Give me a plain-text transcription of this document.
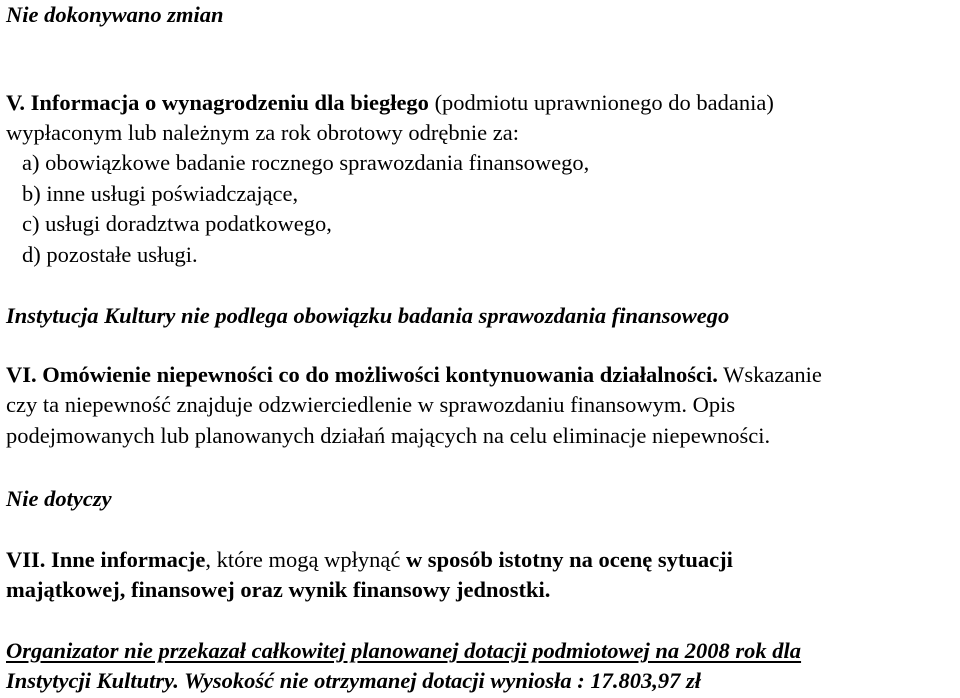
Nie dokonywano zmian
V. Informacja o wynagrodzeniu dla biegłego (podmiotu uprawnionego do badania)
wypłaconym lub należnym za rok obrotowy odrębnie za:
a) obowiązkowe badanie rocznego sprawozdania finansowego,
b) inne usługi poświadczające,
c) usługi doradztwa podatkowego,
d) pozostałe usługi.
Instytucja Kultury nie podlega obowiązku badania sprawozdania finansowego
VI. Omówienie niepewności co do możliwości kontynuowania działalności. Wskazanie
czy ta niepewność znajduje odzwierciedlenie w sprawozdaniu finansowym. Opis
podejmowanych lub planowanych działań mających na celu eliminacje niepewności.
Nie dotyczy
VII. Inne informacje, które mogą wpłynąć w sposób istotny na ocenę sytuacji
majątkowej, finansowej oraz wynik finansowy jednostki.
Organizator nie przekazał całkowitej planowanej dotacji podmiotowej na 2008 rok dla
Instytycji Kultutry. Wysokość nie otrzymanej dotacji wyniosła : 17.803,97 zł
